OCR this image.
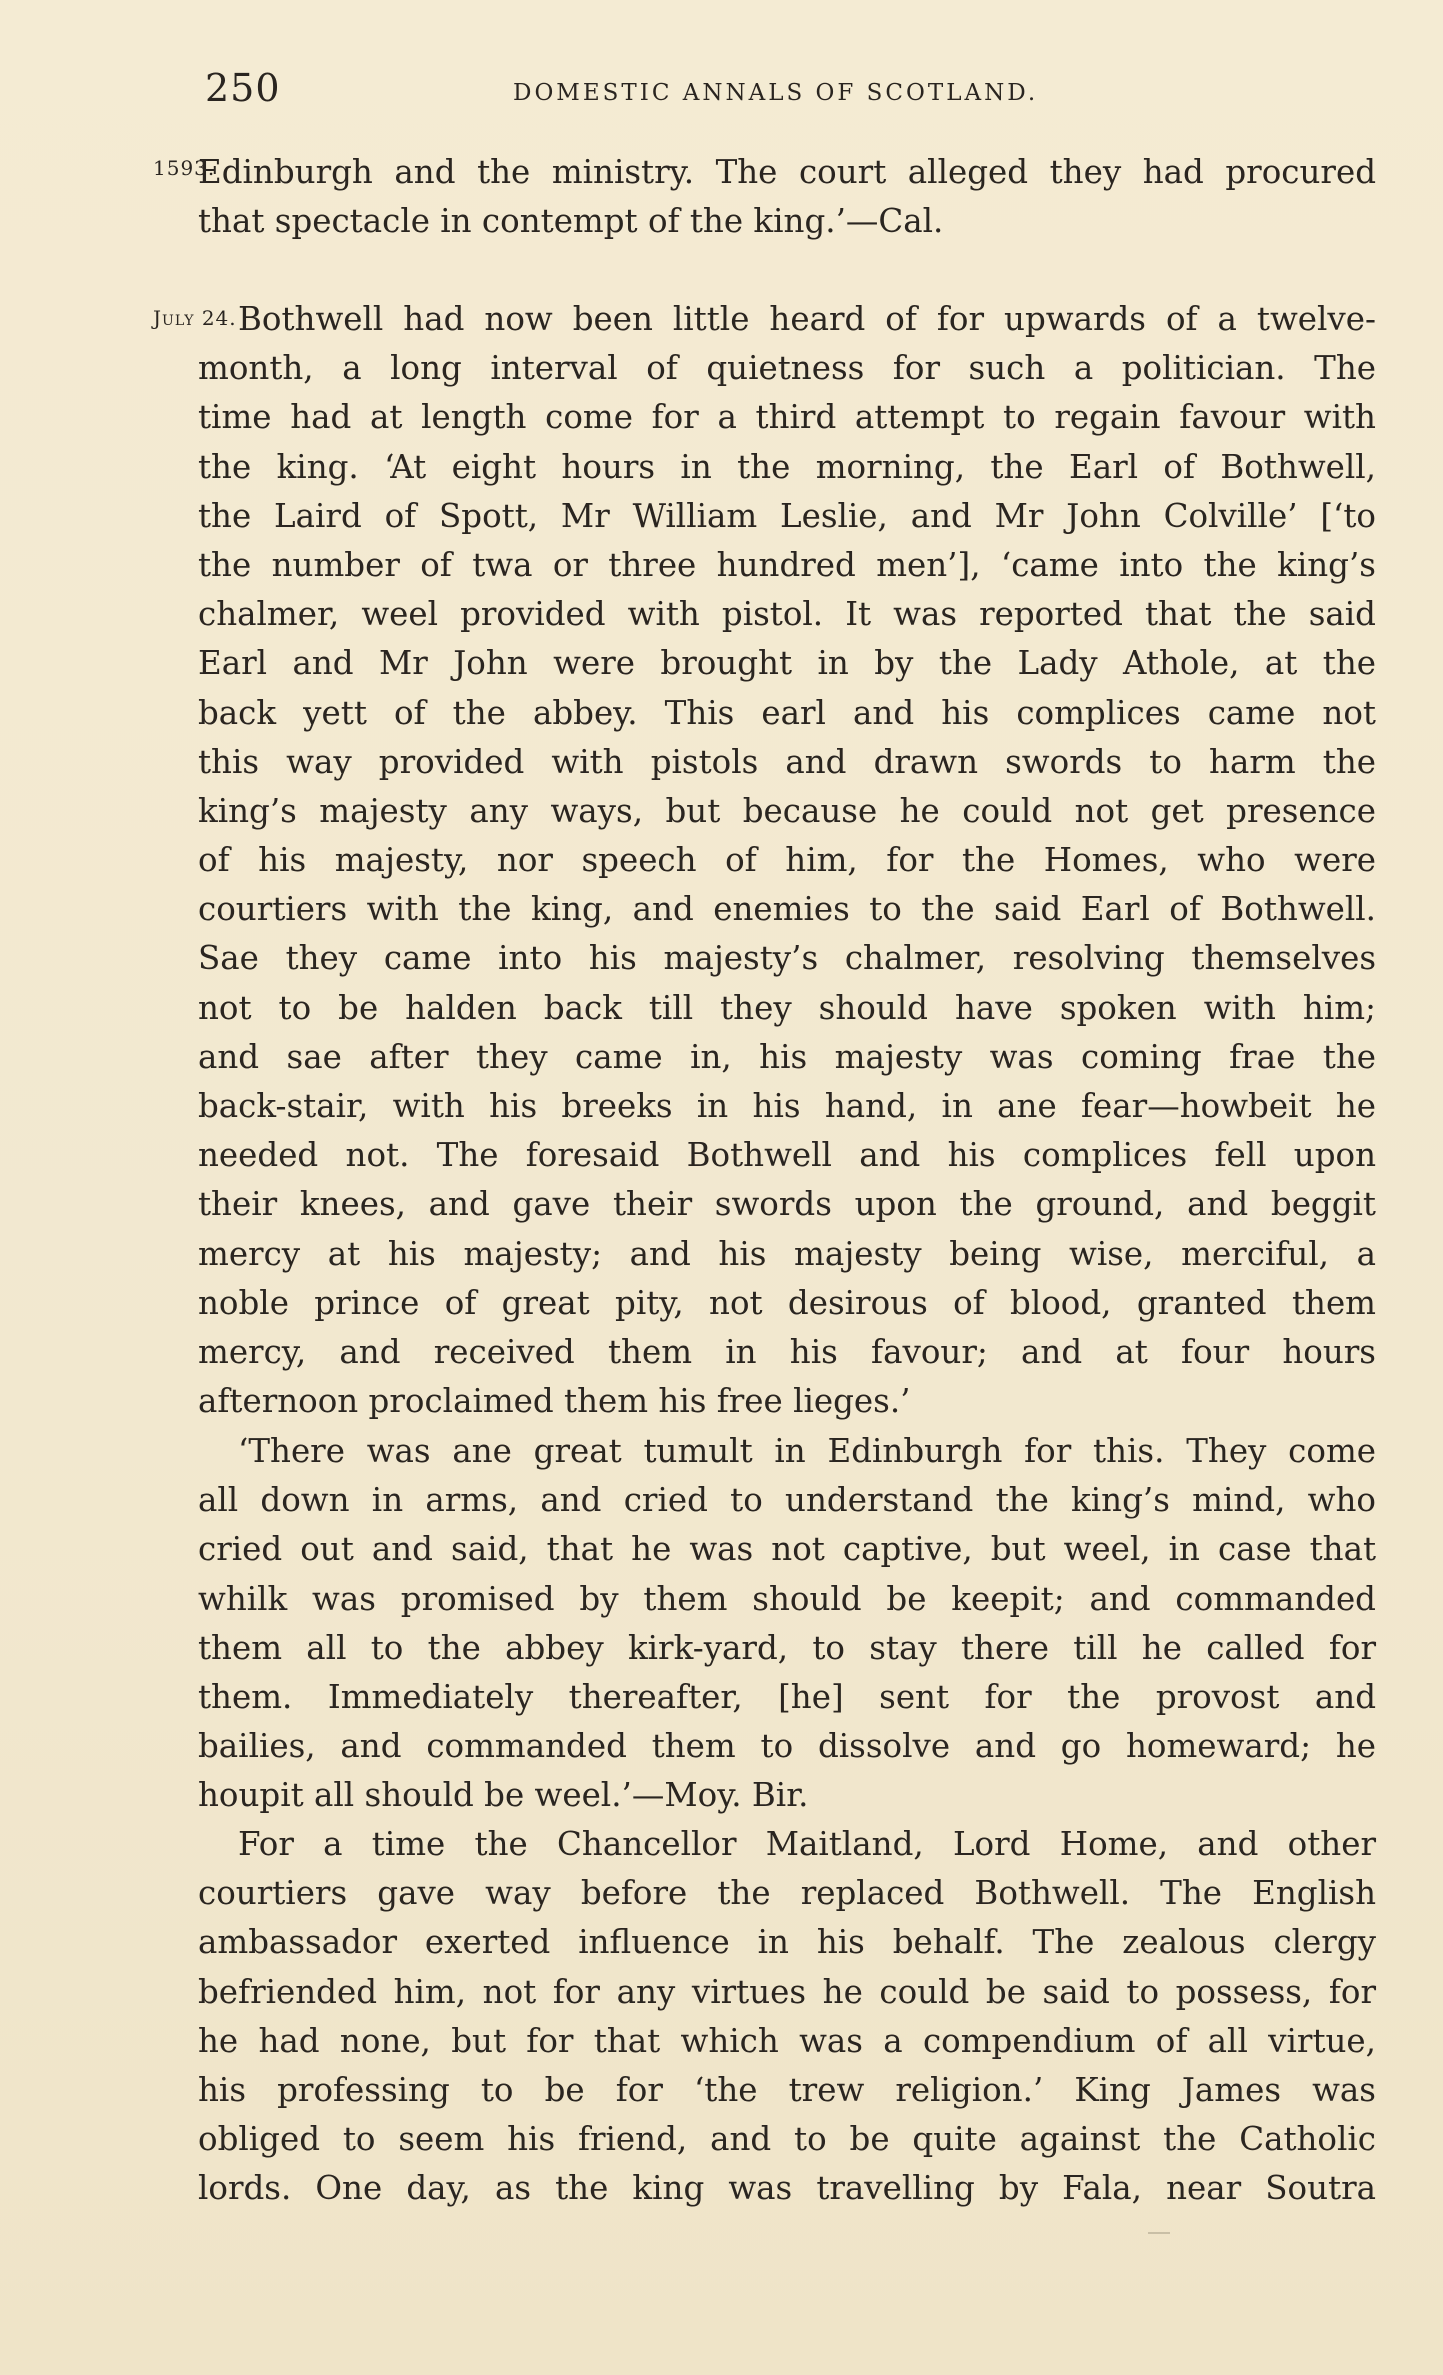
250	DOMESTIC ANNALS OF SCOTLAND.
1593.
July 24.
Edinburgh and the ministry. The court alleged they had procured
that spectacle in contempt of the king.’—Cal.
Bothwell had now been little heard of for upwards of a twelve-
month, a long interval of quietness for such a politician. The
time had at length come for a third attempt to regain favour with
the king. ‘At eight hours in the morning, the Earl of Bothwell,
the Laird of Spott, Mr William Leslie, and Mr John Colville’ [‘to
the number of twa or three hundred men’], ‘came into the king’s
chalmer, weel provided with pistol. It was reported that the said
Earl and Mr John were brought in by the Lady Athole, at the
back yett of the abbey. This earl and his complices came not
this way provided with pistols and drawn swords to harm the
king’s majesty any ways, but because he could not get presence
of his majesty, nor speech of him, for the Homes, who were
courtiers with the king, and enemies to the said Earl of Bothwell.
Sae they came into his majesty’s chalmer, resolving themselves
not to be halden back till they should have spoken with him;
and sae after they came in, his majesty was coming frae the
back-stair, with his breeks in his hand, in ane fear—howbeit he
needed not. The foresaid Bothwell and his complices fell upon
their knees, and gave their swords upon the ground, and beggit
mercy at his majesty; and his majesty being wise, merciful, a
noble prince of great pity, not desirous of blood, granted them
mercy, and received them in his favour; and at four hours
afternoon proclaimed them his free lieges.’
‘There was ane great tumult in Edinburgh for this. They come
all down in arms, and cried to understand the king’s mind, who
cried out and said, that he was not captive, but weel, in case that
whilk was promised by them should be keepit; and commanded
them all to the abbey kirk-yard, to stay there till he called for
them. Immediately thereafter, [he] sent for the provost and
bailies, and commanded them to dissolve and go homeward; he
houpit all should be weel.’—Moy. Bir.
For a time the Chancellor Maitland, Lord Home, and other
courtiers gave way before the replaced Bothwell. The English
ambassador exerted influence in his behalf. The zealous clergy
befriended him, not for any virtues he could be said to possess, for
he had none, but for that which was a compendium of all virtue,
his professing to be for ‘the trew religion.’ King James was
obliged to seem his friend, and to be quite against the Catholic
lords. One day, as the king was travelling by Fala, near Soutra
